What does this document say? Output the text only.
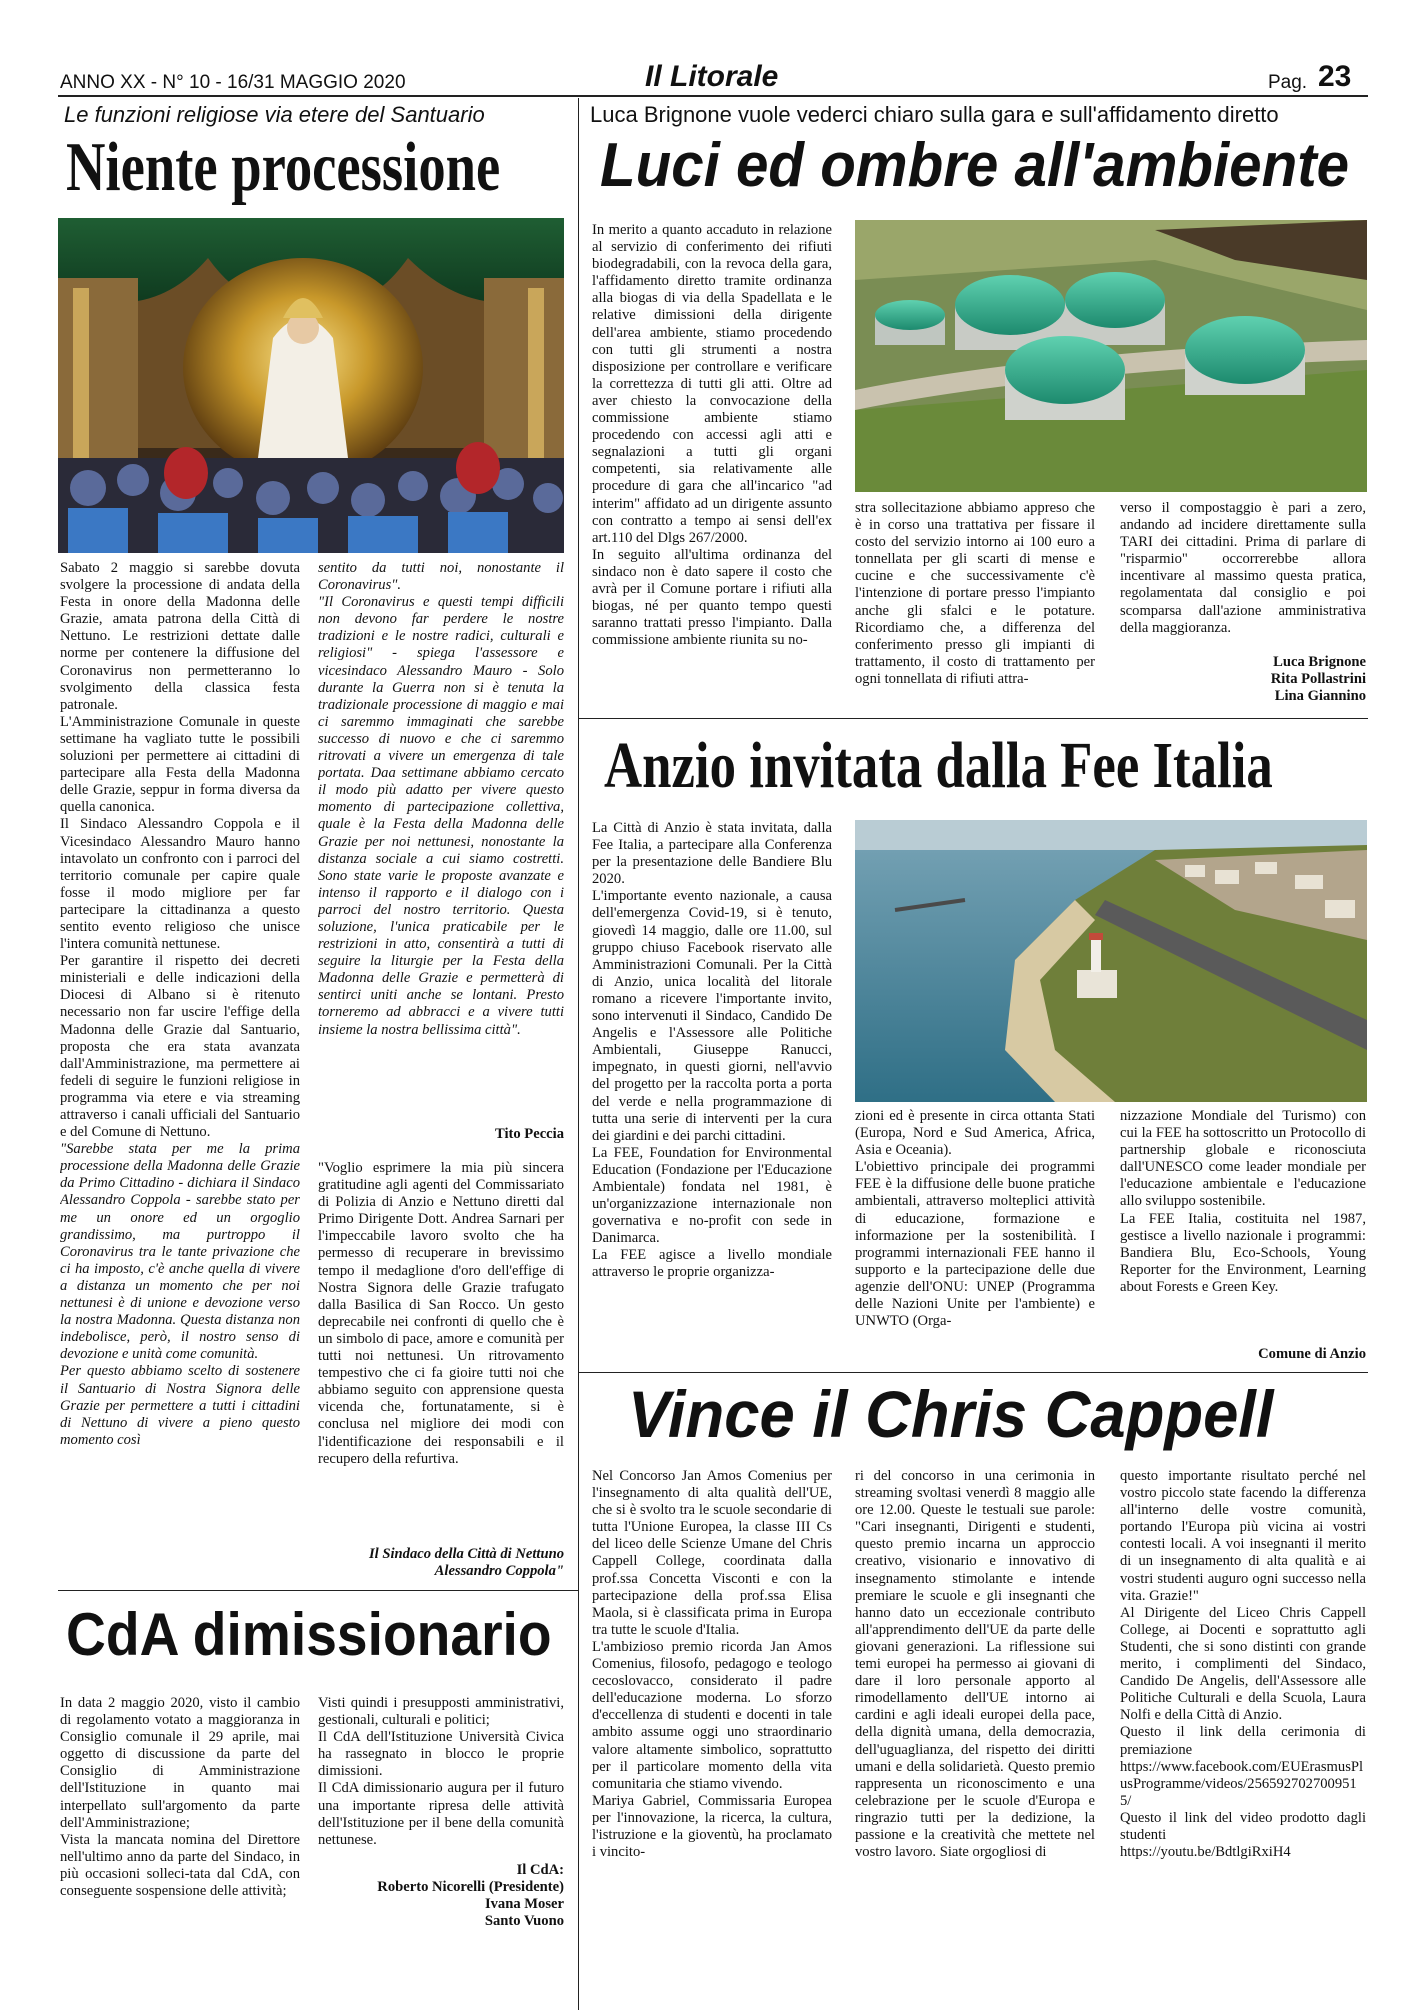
ANNO XX - N° 10 - 16/31 MAGGIO 2020	Il Litorale	Pag. 23
Le funzioni religiose via etere del Santuario
Niente processione

Sabato 2 maggio si sarebbe dovuta svolgere la processione di andata della Festa in onore della Madonna delle Grazie, amata patrona della Città di Nettuno. Le restrizioni dettate dalle norme per contenere la diffusione del Coronavirus non permetteranno lo svolgimento della classica festa patronale.

L'Amministrazione Comunale in queste settimane ha vagliato tutte le possibili soluzioni per permettere ai cittadini di partecipare alla Festa della Madonna delle Grazie, seppur in forma diversa da quella canonica.

Il Sindaco Alessandro Coppola e il Vicesindaco Alessandro Mauro hanno intavolato un confronto con i parroci del territorio comunale per capire quale fosse il modo migliore per far partecipare la cittadinanza a questo sentito evento religioso che unisce l'intera comunità nettunese.

Per garantire il rispetto dei decreti ministeriali e delle indicazioni della Diocesi di Albano si è ritenuto necessario non far uscire l'effige della Madonna delle Grazie dal Santuario, proposta che era stata avanzata dall'Amministrazione, ma permettere ai fedeli di seguire le funzioni religiose in programma via etere e via streaming attraverso i canali ufficiali del Santuario e del Comune di Nettuno.

"Sarebbe stata per me la prima processione della Madonna delle Grazie da Primo Cittadino - dichiara il Sindaco Alessandro Coppola - sarebbe stato per me un onore ed un orgoglio grandissimo, ma purtroppo il Coronavirus tra le tante privazione che ci ha imposto, c'è anche quella di vivere a distanza un momento che per noi nettunesi è di unione e devozione verso la nostra Madonna. Questa distanza non indebolisce, però, il nostro senso di devozione e unità come comunità.

Per questo abbiamo scelto di sostenere il Santuario di Nostra Signora delle Grazie per permettere a tutti i cittadini di Nettuno di vivere a pieno questo momento così

sentito da tutti noi, nonostante il Coronavirus".

"Il Coronavirus e questi tempi difficili non devono far perdere le nostre tradizioni e le nostre radici, culturali e religiosi" - spiega l'assessore e vicesindaco Alessandro Mauro - Solo durante la Guerra non si è tenuta la tradizionale processione di maggio e mai ci saremmo immaginati che sarebbe successo di nuovo e che ci saremmo ritrovati a vivere un emergenza di tale portata. Daa settimane abbiamo cercato il modo più adatto per vivere questo momento di partecipazione collettiva, quale è la Festa della Madonna delle Grazie per noi nettunesi, nonostante la distanza sociale a cui siamo costretti. Sono state varie le proposte avanzate e intenso il rapporto e il dialogo con i parroci del nostro territorio. Questa soluzione, l'unica praticabile per le restrizioni in atto, consentirà a tutti di seguire la liturgie per la Festa della Madonna delle Grazie e permetterà di sentirci uniti anche se lontani. Presto torneremo ad abbracci e a vivere tutti insieme la nostra bellissima città".

Tito Peccia

"Voglio esprimere la mia più sincera gratitudine agli agenti del Commissariato di Polizia di Anzio e Nettuno diretti dal Primo Dirigente Dott. Andrea Sarnari per l'impeccabile lavoro svolto che ha permesso di recuperare in brevissimo tempo il medaglione d'oro dell'effige di Nostra Signora delle Grazie trafugato dalla Basilica di San Rocco. Un gesto deprecabile nei confronti di quello che è un simbolo di pace, amore e comunità per tutti noi nettunesi. Un ritrovamento tempestivo che ci fa gioire tutti noi che abbiamo seguito con apprensione questa vicenda che, fortunatamente, si è conclusa nel migliore dei modi con l'identificazione dei responsabili e il recupero della refurtiva.

Il Sindaco della Città di Nettuno
Alessandro Coppola"
CdA dimissionario

In data 2 maggio 2020, visto il cambio di regolamento votato a maggioranza in Consiglio comunale il 29 aprile, mai oggetto di discussione da parte del Consiglio di Amministrazione dell'Istituzione in quanto mai interpellato sull'argomento da parte dell'Amministrazione;

Vista la mancata nomina del Direttore nell'ultimo anno da parte del Sindaco, in più occasioni solleci-tata dal CdA, con conseguente sospensione delle attività;

Visti quindi i presupposti amministrativi, gestionali, culturali e politici;

Il CdA dell'Istituzione Università Civica ha rassegnato in blocco le proprie dimissioni.

Il CdA dimissionario augura per il futuro una importante ripresa delle attività dell'Istituzione per il bene della comunità nettunese.

Il CdA:
Roberto Nicorelli (Presidente)
Ivana Moser
Santo Vuono
Luca Brignone vuole vederci chiaro sulla gara e sull'affidamento diretto
Luci ed ombre all'ambiente

In merito a quanto accaduto in relazione al servizio di conferimento dei rifiuti biodegradabili, con la revoca della gara, l'affidamento diretto tramite ordinanza alla biogas di via della Spadellata e le relative dimissioni della dirigente dell'area ambiente, stiamo procedendo con tutti gli strumenti a nostra disposizione per controllare e verificare la correttezza di tutti gli atti. Oltre ad aver chiesto la convocazione della commissione ambiente stiamo procedendo con accessi agli atti e segnalazioni a tutti gli organi competenti, sia relativamente alle procedure di gara che all'incarico "ad interim" affidato ad un dirigente assunto con contratto a tempo ai sensi dell'ex art.110 del Dlgs 267/2000.

In seguito all'ultima ordinanza del sindaco non è dato sapere il costo che avrà per il Comune portare i rifiuti alla biogas, né per quanto tempo questi saranno trattati presso l'impianto. Dalla commissione ambiente riunita su no-

stra sollecitazione abbiamo appreso che è in corso una trattativa per fissare il costo del servizio intorno ai 100 euro a tonnellata per gli scarti di mense e cucine e che successivamente c'è l'intenzione di portare presso l'impianto anche gli sfalci e le potature. Ricordiamo che, a differenza del conferimento presso gli impianti di trattamento, il costo di trattamento per ogni tonnellata di rifiuti attra-

verso il compostaggio è pari a zero, andando ad incidere direttamente sulla TARI dei cittadini. Prima di parlare di "risparmio" occorrerebbe allora incentivare al massimo questa pratica, regolamentata dal consiglio e poi scomparsa dall'azione amministrativa della maggioranza.

Luca Brignone
Rita Pollastrini
Lina Giannino
Anzio invitata dalla Fee Italia

La Città di Anzio è stata invitata, dalla Fee Italia, a partecipare alla Conferenza per la presentazione delle Bandiere Blu 2020.

L'importante evento nazionale, a causa dell'emergenza Covid-19, si è tenuto, giovedì 14 maggio, dalle ore 11.00, sul gruppo chiuso Facebook riservato alle Amministrazioni Comunali. Per la Città di Anzio, unica località del litorale romano a ricevere l'importante invito, sono intervenuti il Sindaco, Candido De Angelis e l'Assessore alle Politiche Ambientali, Giuseppe Ranucci, impegnato, in questi giorni, nell'avvio del progetto per la raccolta porta a porta del verde e nella programmazione di tutta una serie di interventi per la cura dei giardini e dei parchi cittadini.

La FEE, Foundation for Environmental Education (Fondazione per l'Educazione Ambientale) fondata nel 1981, è un'organizzazione internazionale non governativa e no-profit con sede in Danimarca.

La FEE agisce a livello mondiale attraverso le proprie organizza-

zioni ed è presente in circa ottanta Stati (Europa, Nord e Sud America, Africa, Asia e Oceania).

L'obiettivo principale dei programmi FEE è la diffusione delle buone pratiche ambientali, attraverso molteplici attività di educazione, formazione e informazione per la sostenibilità. I programmi internazionali FEE hanno il supporto e la partecipazione delle due agenzie dell'ONU: UNEP (Programma delle Nazioni Unite per l'ambiente) e UNWTO (Orga-

nizzazione Mondiale del Turismo) con cui la FEE ha sottoscritto un Protocollo di partnership globale e riconosciuta dall'UNESCO come leader mondiale per l'educazione ambientale e l'educazione allo sviluppo sostenibile.

La FEE Italia, costituita nel 1987, gestisce a livello nazionale i programmi: Bandiera Blu, Eco-Schools, Young Reporter for the Environment, Learning about Forests e Green Key.

Comune di Anzio
Vince il Chris Cappell

Nel Concorso Jan Amos Comenius per l'insegnamento di alta qualità dell'UE, che si è svolto tra le scuole secondarie di tutta l'Unione Europea, la classe III Cs del liceo delle Scienze Umane del Chris Cappell College, coordinata dalla prof.ssa Concetta Visconti e con la partecipazione della prof.ssa Elisa Maola, si è classificata prima in Europa tra tutte le scuole d'Italia.

L'ambizioso premio ricorda Jan Amos Comenius, filosofo, pedagogo e teologo cecoslovacco, considerato il padre dell'educazione moderna. Lo sforzo d'eccellenza di studenti e docenti in tale ambito assume oggi uno straordinario valore altamente simbolico, soprattutto per il particolare momento della vita comunitaria che stiamo vivendo.

Mariya Gabriel, Commissaria Europea per l'innovazione, la ricerca, la cultura, l'istruzione e la gioventù, ha proclamato i vincito-

ri del concorso in una cerimonia in streaming svoltasi venerdì 8 maggio alle ore 12.00. Queste le testuali sue parole: "Cari insegnanti, Dirigenti e studenti, questo premio incarna un approccio creativo, visionario e innovativo di insegnamento stimolante e intende premiare le scuole e gli insegnanti che hanno dato un eccezionale contributo all'apprendimento dell'UE da parte delle giovani generazioni. La riflessione sui temi europei ha permesso ai giovani di dare il loro personale apporto al rimodellamento dell'UE intorno ai cardini e agli ideali europei della pace, della dignità umana, della democrazia, dell'uguaglianza, del rispetto dei diritti umani e della solidarietà. Questo premio rappresenta un riconoscimento e una celebrazione per le scuole d'Europa e ringrazio tutti per la dedizione, la passione e la creatività che mettete nel vostro lavoro. Siate orgogliosi di

questo importante risultato perché nel vostro piccolo state facendo la differenza all'interno delle vostre comunità, portando l'Europa più vicina ai vostri contesti locali. A voi insegnanti il merito di un insegnamento di alta qualità e ai vostri studenti auguro ogni successo nella vita. Grazie!"

Al Dirigente del Liceo Chris Cappell College, ai Docenti e soprattutto agli Studenti, che si sono distinti con grande merito, i complimenti del Sindaco, Candido De Angelis, dell'Assessore alle Politiche Culturali e della Scuola, Laura Nolfi e della Città di Anzio.

Questo il link della cerimonia di premiazione

https://www.facebook.com/EUErasmusPlusProgramme/videos/2565927027009515/

Questo il link del video prodotto dagli studenti

https://youtu.be/BdtlgiRxiH4
